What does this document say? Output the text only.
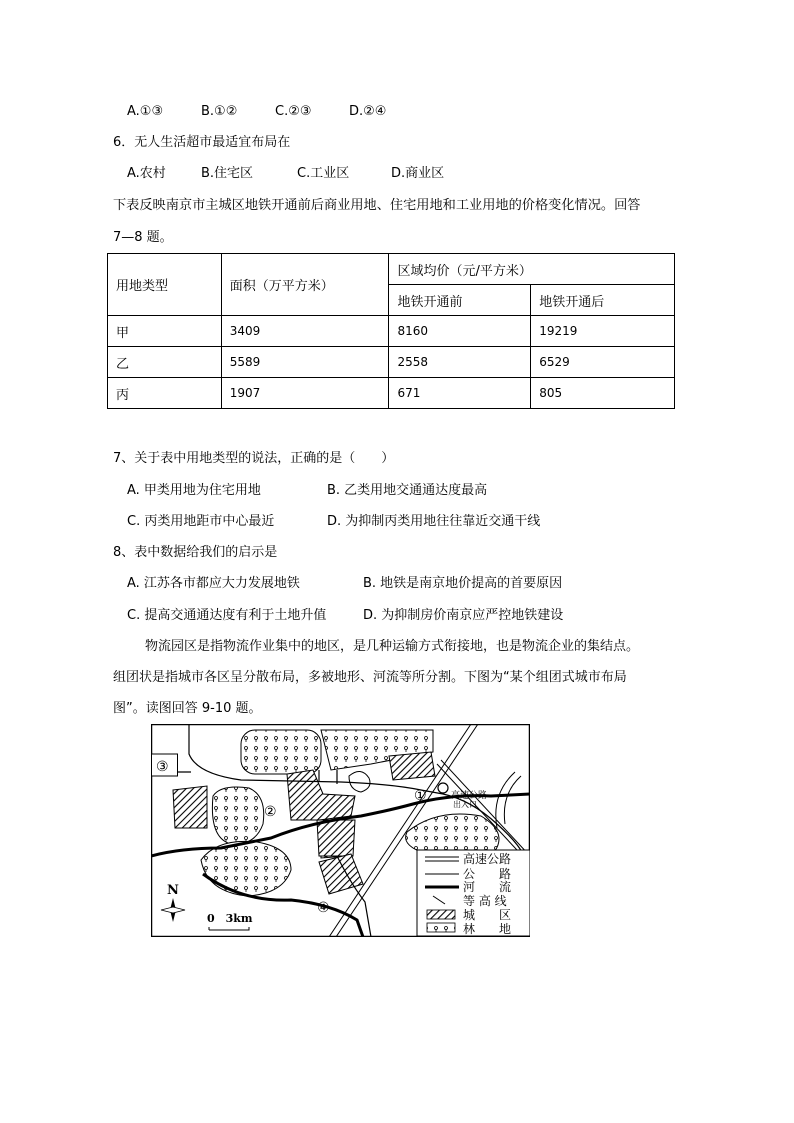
A.①③	B.①②	C.②③	D.②④
6．无人生活超市最适宜布局在
A.农村	B.住宅区	C.工业区	D.商业区
下表反映南京市主城区地铁开通前后商业用地、住宅用地和工业用地的价格变化情况。回答
7—8 题。
用地类型	面积（万平方米）	区域均价（元/平方米）	
		地铁开通前	地铁开通后
甲	3409	8160	19219
乙	5589	2558	6529
丙	1907	671	805
7、关于表中用地类型的说法，正确的是（　　）
A. 甲类用地为住宅用地	B. 乙类用地交通通达度最高
C. 丙类用地距市中心最近	D. 为抑制丙类用地往往靠近交通干线
8、表中数据给我们的启示是
A. 江苏各市都应大力发展地铁	B. 地铁是南京地价提高的首要原因
C. 提高交通通达度有利于土地升值	D. 为抑制房价南京应严控地铁建设
物流园区是指物流作业集中的地区，是几种运输方式衔接地，也是物流企业的集结点。
组团状是指城市各区呈分散布局，多被地形、河流等所分割。下图为“某个组团式城市布局
图”。读图回答 9-10 题。
①
②
③
④
高速公路
出入口
N
0　3km
高速公路
公　　路
河　　流
等 高 线
城　　区
林　　地
